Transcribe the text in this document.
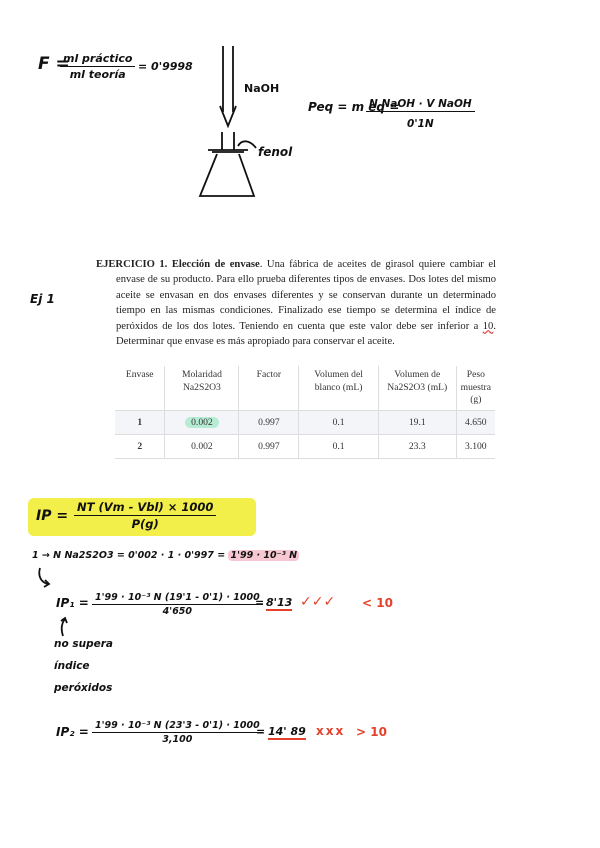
F =
ml práctico
ml teoría
= 0'9998
NaOH
fenol
Peq = m eq =
N NaOH · V NaOH
0'1N
Ej 1
EJERCICIO 1. Elección de envase. Una fábrica de aceites de girasol quiere cambiar el envase de su producto. Para ello prueba diferentes tipos de envases. Dos lotes del mismo aceite se envasan en dos envases diferentes y se conservan durante un determinado tiempo en las mismas condiciones. Finalizado ese tiempo se determina el índice de peróxidos de los dos lotes. Teniendo en cuenta que este valor debe ser inferior a 10. Determinar que envase es más apropiado para conservar el aceite.
Envase	Molaridad Na2S2O3	Factor	Volumen del blanco (mL)	Volumen de Na2S2O3 (mL)	Peso muestra (g)
1	0.002	0.997	0.1	19.1	4.650
2	0.002	0.997	0.1	23.3	3.100
IP =
NT (Vm - Vbl) × 1000
P(g)
1 → N Na2S2O3 = 0'002 · 1 · 0'997 = 1'99 · 10⁻³ N
$IP_1 = \frac{\text{1'99 · 10⁻³ N (19'1 - 0'1) · 1000}}{4'650}$
= 8'13 ✓✓✓ < 10
no supera
índice
peróxidos
$IP_2 = \frac{\text{1'99 · 10⁻³ N (23'3 - 0'1) · 1000}}{3,100}$
= 14' 89 xxx > 10
